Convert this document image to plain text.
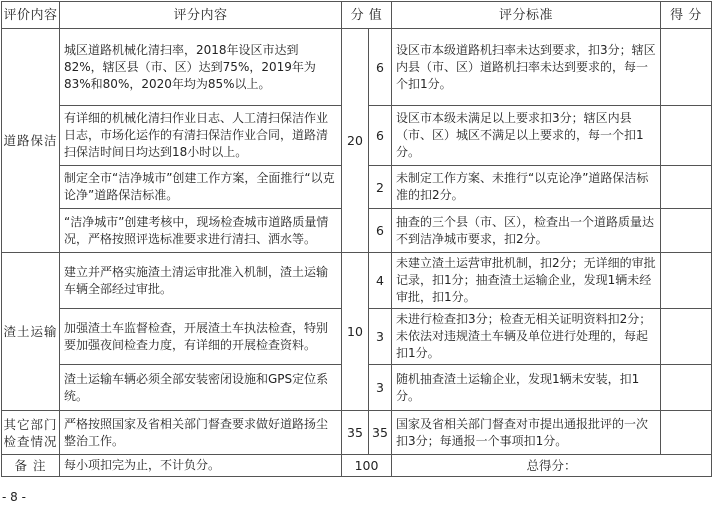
评价内容	评分内容	分 值		评分标准	得 分
道路保洁	城区道路机械化清扫率，2018年设区市达到82%，辖区县（市、区）达到75%，2019年为83%和80%，2020年均为85%以上。	20	6	设区市本级道路机扫率未达到要求，扣3分；辖区内县（市、区）道路机扫率未达到要求的，每一个扣1分。	
	有详细的机械化清扫作业日志、人工清扫保洁作业日志，市场化运作的有清扫保洁作业合同，道路清扫保洁时间日均达到18小时以上。		6	设区市本级未满足以上要求扣3分；辖区内县（市、区）城区不满足以上要求的，每一个扣1分。	
	制定全市“洁净城市”创建工作方案，全面推行“以克论净”道路保洁标准。		2	未制定工作方案、未推行“以克论净”道路保洁标准的扣2分。	
	“洁净城市”创建考核中，现场检查城市道路质量情况，严格按照评选标准要求进行清扫、洒水等。		6	抽查的三个县（市、区），检查出一个道路质量达不到洁净城市要求，扣2分。	
渣土运输	建立并严格实施渣土清运审批准入机制，渣土运输车辆全部经过审批。	10	4	未建立渣土运营审批机制，扣2分；无详细的审批记录，扣1分；抽查渣土运输企业，发现1辆未经审批，扣1分。	
	加强渣土车监督检查，开展渣土车执法检查，特别要加强夜间检查力度，有详细的开展检查资料。		3	未进行检查扣3分；检查无相关证明资料扣2分；未依法对违规渣土车辆及单位进行处理的，每起扣1分。	
	渣土运输车辆必须全部安装密闭设施和GPS定位系统。		3	随机抽查渣土运输企业，发现1辆未安装，扣1分。	
其它部门检查情况	严格按照国家及省相关部门督查要求做好道路扬尘整治工作。	35	35	国家及省相关部门督查对市提出通报批评的一次扣3分；每通报一个事项扣1分。	
备 注	每小项扣完为止，不计负分。	100		总得分：	
- 8 -
